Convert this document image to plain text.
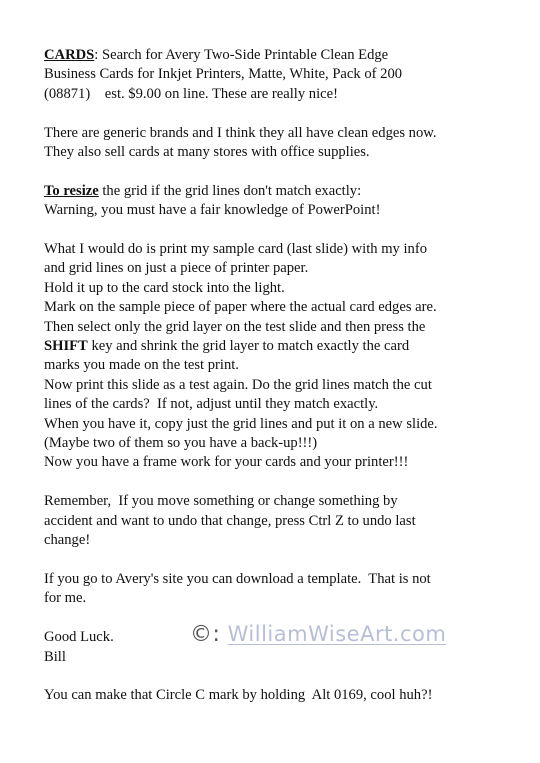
CARDS: Search for Avery Two-Side Printable Clean Edge
Business Cards for Inkjet Printers, Matte, White, Pack of 200
(08871)    est. $9.00 on line. These are really nice!
There are generic brands and I think they all have clean edges now.
They also sell cards at many stores with office supplies.
To resize the grid if the grid lines don't match exactly:
Warning, you must have a fair knowledge of PowerPoint!
What I would do is print my sample card (last slide) with my info
and grid lines on just a piece of printer paper.
Hold it up to the card stock into the light.
Mark on the sample piece of paper where the actual card edges are.
Then select only the grid layer on the test slide and then press the
SHIFT key and shrink the grid layer to match exactly the card
marks you made on the test print.
Now print this slide as a test again. Do the grid lines match the cut
lines of the cards?  If not, adjust until they match exactly.
When you have it, copy just the grid lines and put it on a new slide.
(Maybe two of them so you have a back-up!!!)
Now you have a frame work for your cards and your printer!!!
Remember,  If you move something or change something by
accident and want to undo that change, press Ctrl Z to undo last
change!
If you go to Avery's site you can download a template.  That is not
for me.
Good Luck.
Bill
©: WilliamWiseArt.com
You can make that Circle C mark by holding  Alt 0169, cool huh?!
